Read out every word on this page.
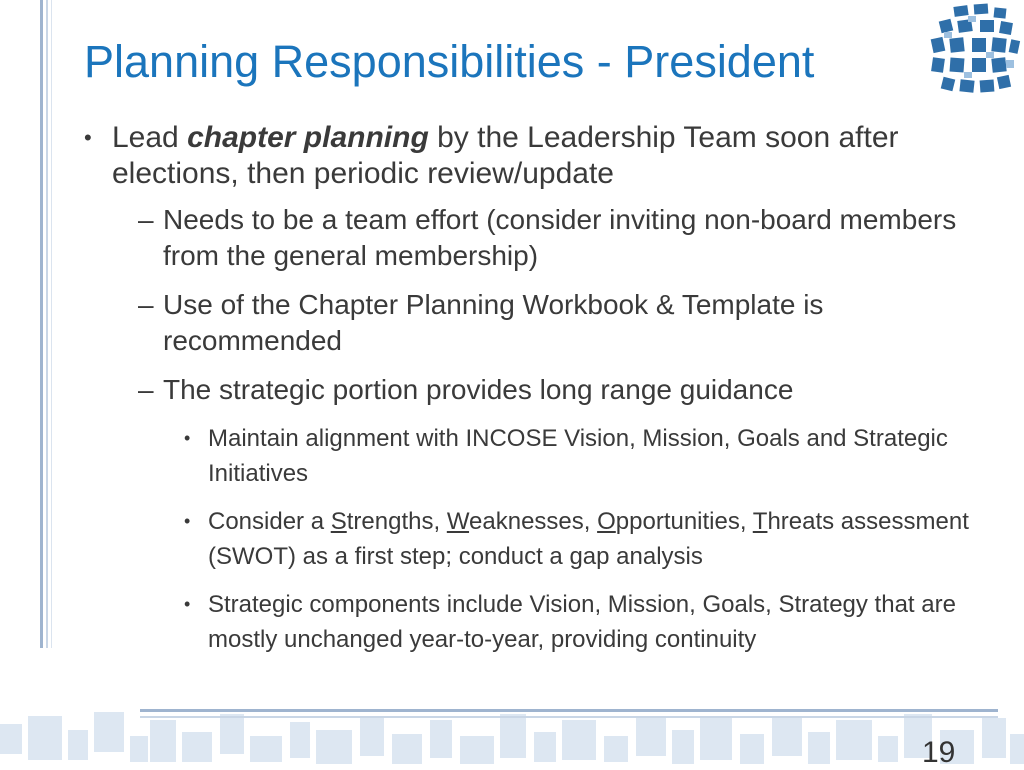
Planning Responsibilities - President
• Lead chapter planning by the Leadership Team soon after elections, then periodic review/update
– Needs to be a team effort (consider inviting non-board members from the general membership)
– Use of the Chapter Planning Workbook & Template is recommended
– The strategic portion provides long range guidance
• Maintain alignment with INCOSE Vision, Mission, Goals and Strategic Initiatives
• Consider a Strengths, Weaknesses, Opportunities, Threats assessment (SWOT) as a first step; conduct a gap analysis
• Strategic components include Vision, Mission, Goals, Strategy that are mostly unchanged year-to-year, providing continuity
19
